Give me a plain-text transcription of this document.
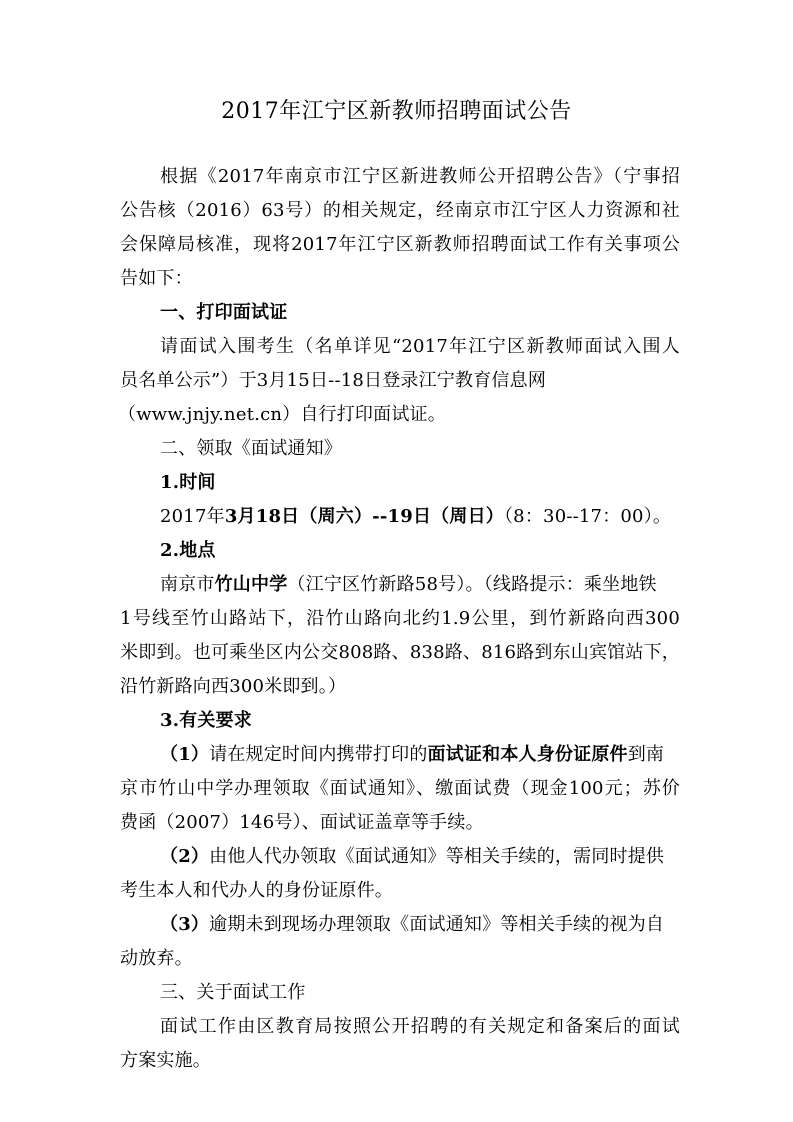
2017年江宁区新教师招聘面试公告
根据《2017年南京市江宁区新进教师公开招聘公告》（宁事招
公告核（2016）63号）的相关规定，经南京市江宁区人力资源和社
会保障局核准，现将2017年江宁区新教师招聘面试工作有关事项公
告如下：
一、打印面试证
请面试入围考生（名单详见“2017年江宁区新教师面试入围人
员名单公示”）于3月15日--18日登录江宁教育信息网
（www.jnjy.net.cn）自行打印面试证。
二、领取《面试通知》
1.时间
2017年3月18日（周六）--19日（周日）（8：30--17：00）。
2.地点
南京市竹山中学（江宁区竹新路58号）。（线路提示：乘坐地铁
1号线至竹山路站下，沿竹山路向北约1.9公里，到竹新路向西300
米即到。也可乘坐区内公交808路、838路、816路到东山宾馆站下，
沿竹新路向西300米即到。）
3.有关要求
（1）请在规定时间内携带打印的面试证和本人身份证原件到南
京市竹山中学办理领取《面试通知》、缴面试费（现金100元；苏价
费函（2007）146号）、面试证盖章等手续。
（2）由他人代办领取《面试通知》等相关手续的，需同时提供
考生本人和代办人的身份证原件。
（3）逾期未到现场办理领取《面试通知》等相关手续的视为自
动放弃。
三、关于面试工作
面试工作由区教育局按照公开招聘的有关规定和备案后的面试
方案实施。
